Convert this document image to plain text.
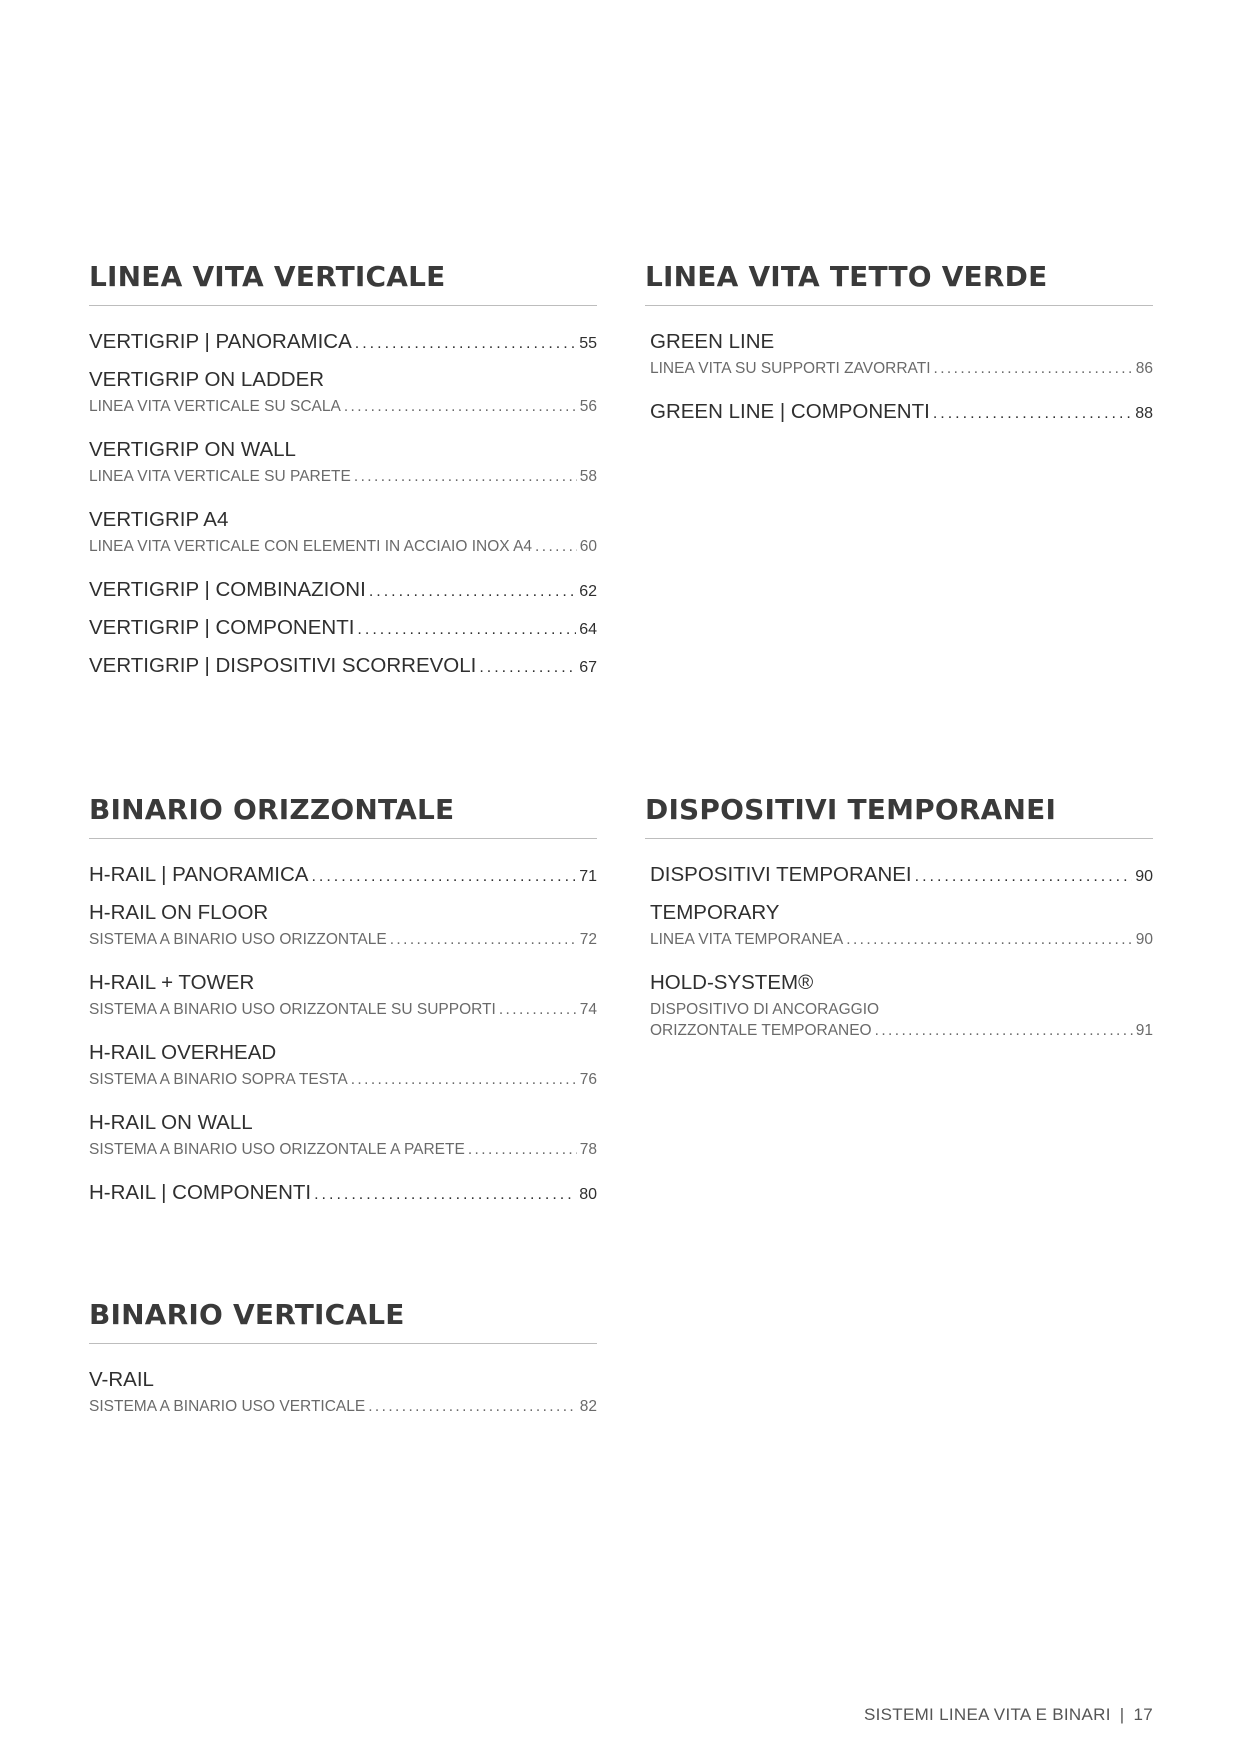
LINEA VITA VERTICALE
VERTIGRIP | PANORAMICA .....	55
VERTIGRIP ON LADDER
LINEA VITA VERTICALE SU SCALA .....	56
VERTIGRIP ON WALL
LINEA VITA VERTICALE SU PARETE .....	58
VERTIGRIP A4
LINEA VITA VERTICALE CON ELEMENTI IN ACCIAIO INOX A4 .....	60
VERTIGRIP | COMBINAZIONI .....	62
VERTIGRIP | COMPONENTI .....	64
VERTIGRIP | DISPOSITIVI SCORREVOLI .....	67
LINEA VITA TETTO VERDE
GREEN LINE
LINEA VITA SU SUPPORTI ZAVORRATI .....	86
GREEN LINE | COMPONENTI .....	88
BINARIO ORIZZONTALE
H-RAIL | PANORAMICA .....	71
H-RAIL ON FLOOR
SISTEMA A BINARIO USO ORIZZONTALE .....	72
H-RAIL + TOWER
SISTEMA A BINARIO USO ORIZZONTALE SU SUPPORTI .....	74
H-RAIL OVERHEAD
SISTEMA A BINARIO SOPRA TESTA .....	76
H-RAIL ON WALL
SISTEMA A BINARIO USO ORIZZONTALE A PARETE .....	78
H-RAIL | COMPONENTI .....	80
DISPOSITIVI TEMPORANEI
DISPOSITIVI TEMPORANEI .....	90
TEMPORARY
LINEA VITA TEMPORANEA .....	90
HOLD-SYSTEM®
DISPOSITIVO DI ANCORAGGIO
ORIZZONTALE TEMPORANEO .....	91
BINARIO VERTICALE
V-RAIL
SISTEMA A BINARIO USO VERTICALE .....	82
SISTEMI LINEA VITA E BINARI | 17
